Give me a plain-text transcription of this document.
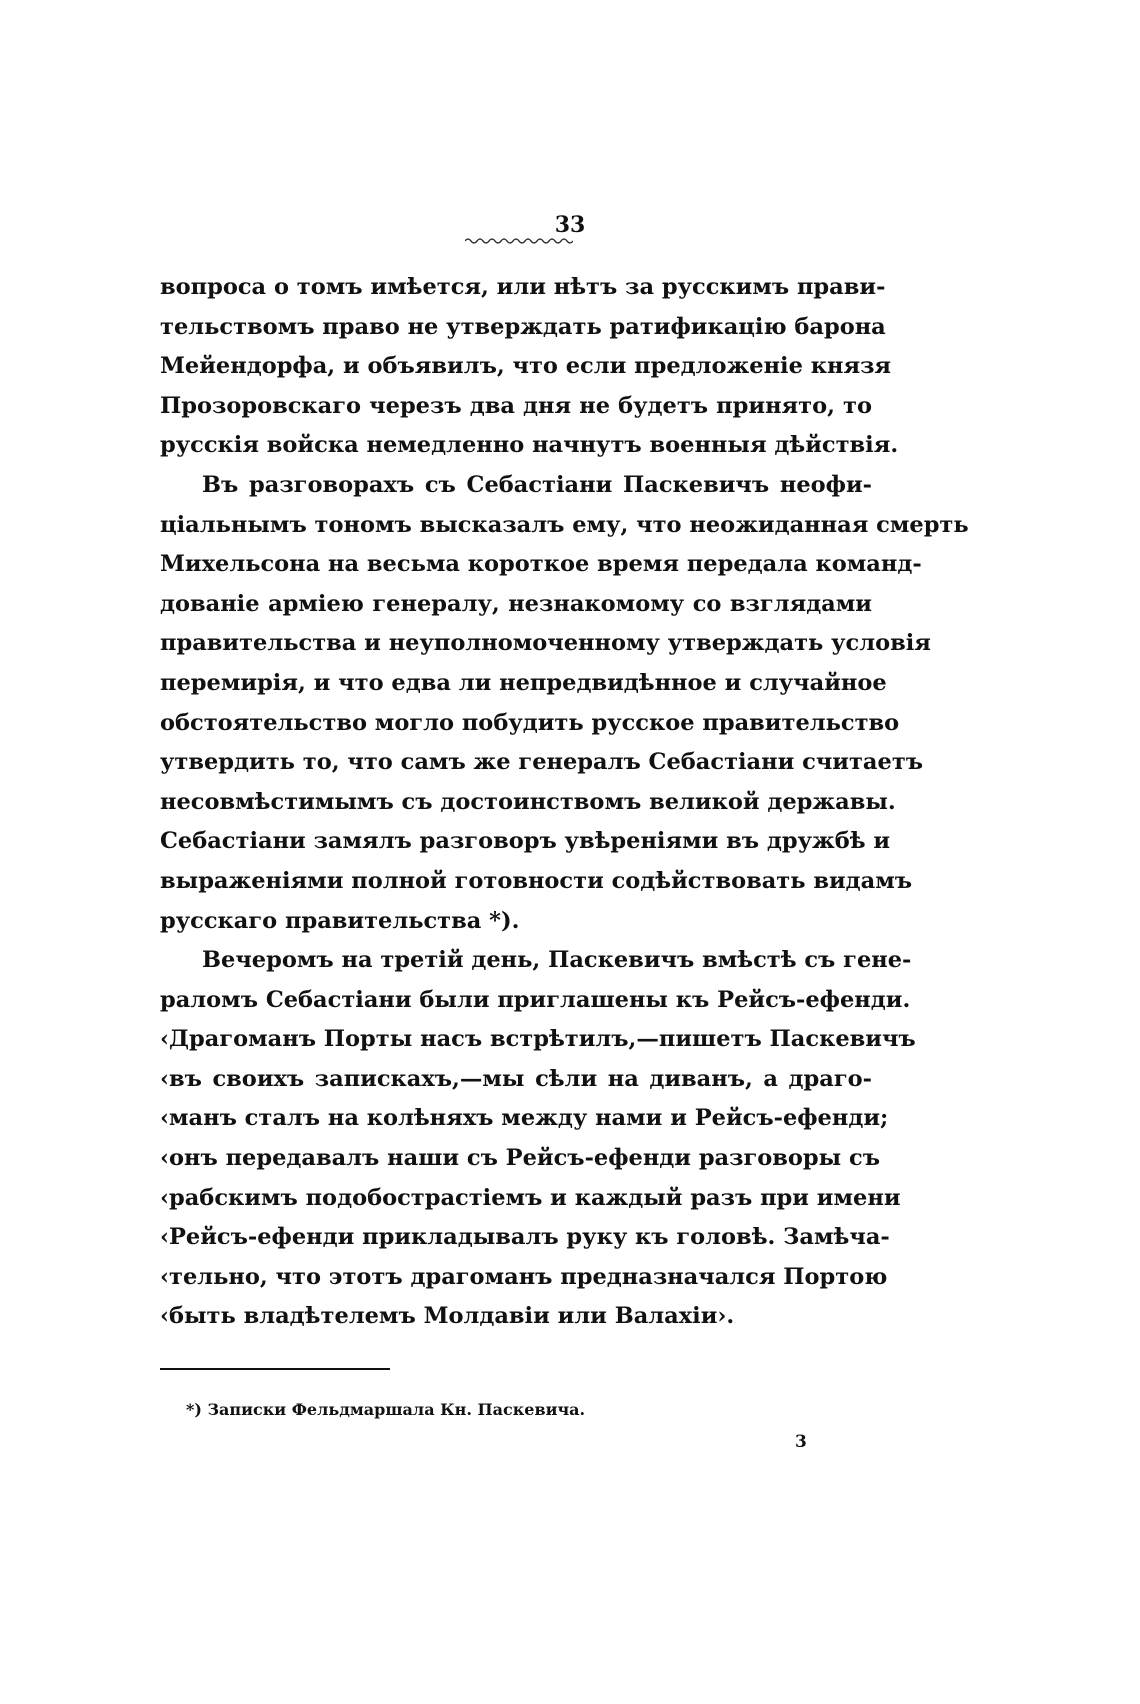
33
вопроса о томъ имѣется, или нѣтъ за русскимъ прави-
тельствомъ право не утверждать ратификацію барона
Мейендорфа, и объявилъ, что если предложеніе князя
Прозоровскаго черезъ два дня не будетъ принято, то
русскія войска немедленно начнутъ военныя дѣйствія.
Въ разговорахъ съ Себастіани Паскевичъ неофи-
ціальнымъ тономъ высказалъ ему, что неожиданная смерть
Михельсона на весьма короткое время передала команд-
дованіе арміею генералу, незнакомому со взглядами
правительства и неуполномоченному утверждать условія
перемирія, и что едва ли непредвидѣнное и случайное
обстоятельство могло побудить русское правительство
утвердить то, что самъ же генералъ Себастіани считаетъ
несовмѣстимымъ съ достоинствомъ великой державы.
Себастіани замялъ разговоръ увѣреніями въ дружбѣ и
выраженіями полной готовности содѣйствовать видамъ
русскаго правительства *).
Вечеромъ на третій день, Паскевичъ вмѣстѣ съ гене-
раломъ Себастіани были приглашены къ Рейсъ-ефенди.
‹Драгоманъ Порты насъ встрѣтилъ,—пишетъ Паскевичъ
‹въ своихъ запискахъ,—мы сѣли на диванъ, а драго-
‹манъ сталъ на колѣняхъ между нами и Рейсъ-ефенди;
‹онъ передавалъ наши съ Рейсъ-ефенди разговоры съ
‹рабскимъ подобострастіемъ и каждый разъ при имени
‹Рейсъ-ефенди прикладывалъ руку къ головѣ. Замѣча-
‹тельно, что этотъ драгоманъ предназначался Портою
‹быть владѣтелемъ Молдавіи или Валахіи›.
*) Записки Фельдмаршала Кн. Паскевича.
3
